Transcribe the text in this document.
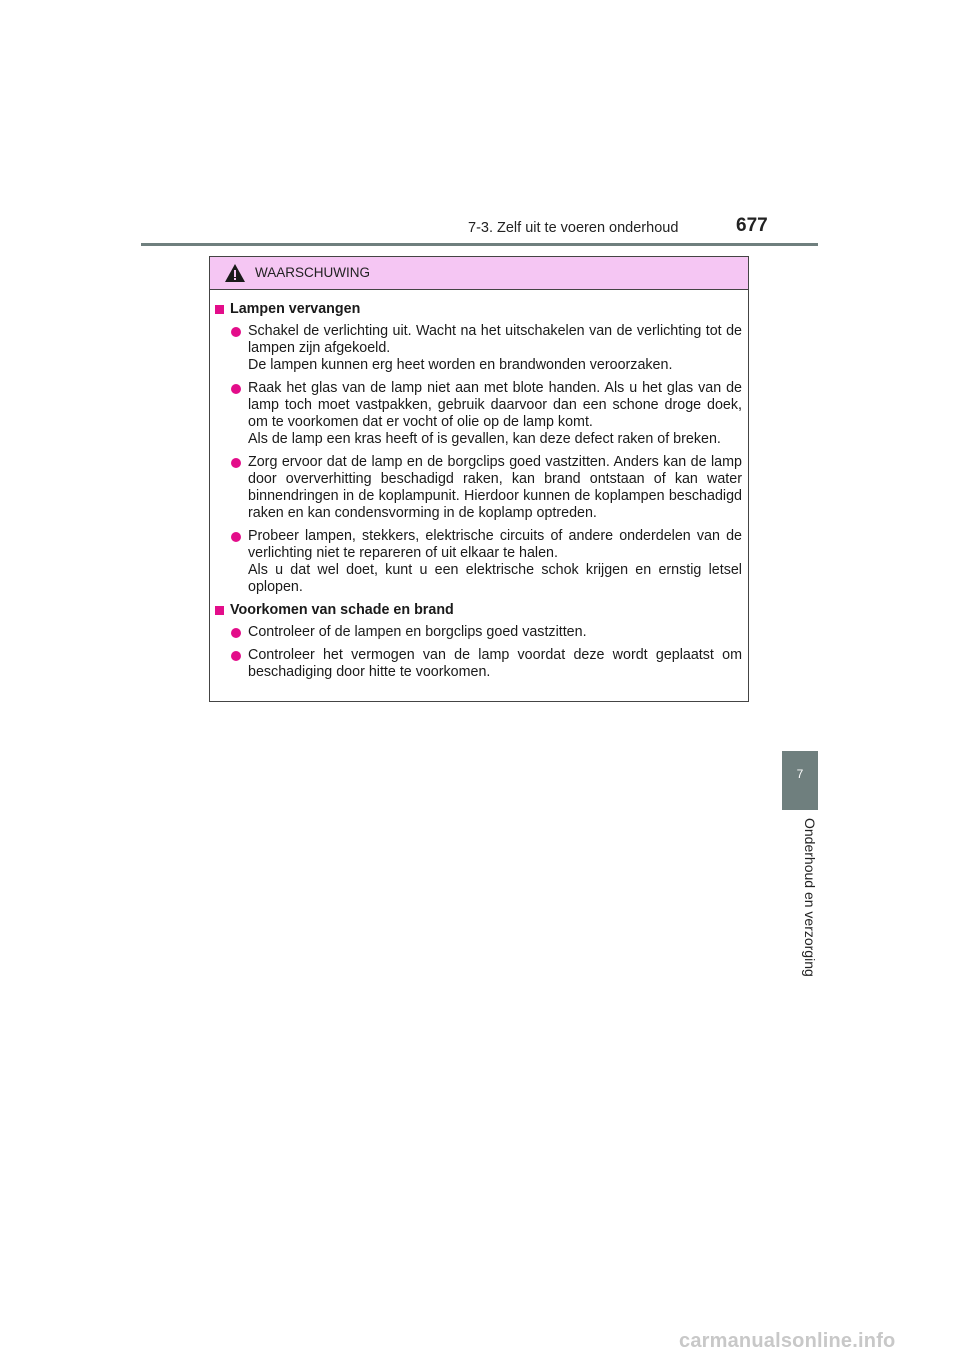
7-3. Zelf uit te voeren onderhoud	677
WAARSCHUWING
Lampen vervangen
Schakel de verlichting uit. Wacht na het uitschakelen van de verlichting tot de lampen zijn afgekoeld.
De lampen kunnen erg heet worden en brandwonden veroorzaken.
Raak het glas van de lamp niet aan met blote handen. Als u het glas van de lamp toch moet vastpakken, gebruik daarvoor dan een schone droge doek, om te voorkomen dat er vocht of olie op de lamp komt.
Als de lamp een kras heeft of is gevallen, kan deze defect raken of breken.
Zorg ervoor dat de lamp en de borgclips goed vastzitten. Anders kan de lamp door oververhitting beschadigd raken, kan brand ontstaan of kan water binnendringen in de koplampunit. Hierdoor kunnen de koplampen beschadigd raken en kan condensvorming in de koplamp optreden.
Probeer lampen, stekkers, elektrische circuits of andere onderdelen van de verlichting niet te repareren of uit elkaar te halen.
Als u dat wel doet, kunt u een elektrische schok krijgen en ernstig letsel oplopen.
Voorkomen van schade en brand
Controleer of de lampen en borgclips goed vastzitten.
Controleer het vermogen van de lamp voordat deze wordt geplaatst om beschadiging door hitte te voorkomen.
7
Onderhoud en verzorging
carmanualsonline.info
